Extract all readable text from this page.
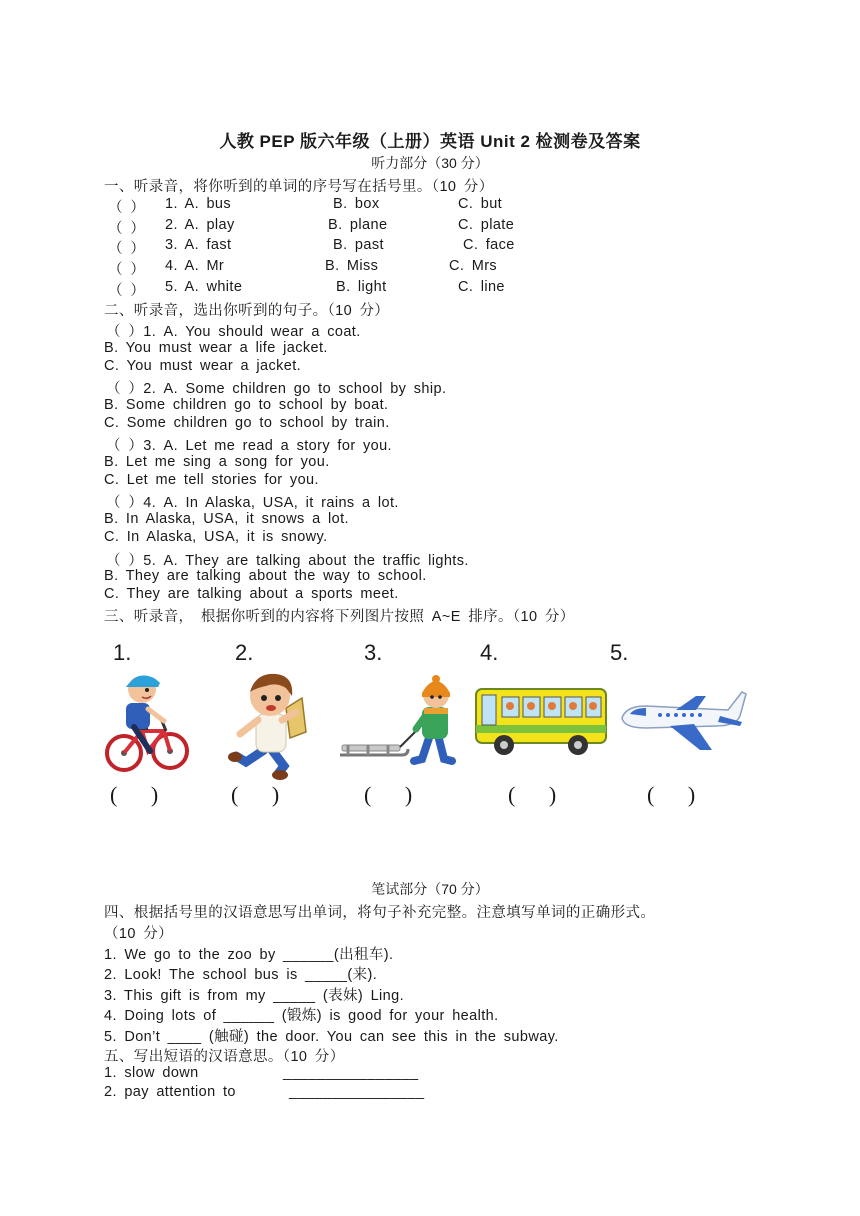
人教 PEP 版六年级（上册）英语 Unit 2 检测卷及答案
听力部分（30 分）
一、听录音，将你听到的单词的序号写在括号里。（10 分）
（ ） 1. A. bus	B. box	C. but
（ ） 2. A. play	B. plane	C. plate
（ ） 3. A. fast	B. past	C. face
（ ） 4. A. Mr	B. Miss	C. Mrs
（ ） 5. A. white	B. light	C. line
二、听录音，选出你听到的句子。（10 分）
（ ）1. A. You should wear a coat.
B. You must wear a life jacket.
C. You must wear a jacket.
（ ）2. A. Some children go to school by ship.
B. Some children go to school by boat.
C. Some children go to school by train.
（ ）3. A. Let me read a story for you.
B. Let me sing a song for you.
C. Let me tell stories for you.
（ ）4. A. In Alaska, USA, it rains a lot.
B. In Alaska, USA, it snows a lot.
C. In Alaska, USA, it is snowy.
（ ）5. A. They are talking about the traffic lights.
B. They are talking about the way to school.
C. They are talking about a sports meet.
三、听录音， 根据你听到的内容将下列图片按照 A~E 排序。（10 分）
1.	2.	3.	4.	5.
( )	( )	( )	( )	( )
笔试部分（70 分）
四、根据括号里的汉语意思写出单词，将句子补充完整。注意填写单词的正确形式。
（10 分）
1. We go to the zoo by ______(出租车).
2. Look! The school bus is _____(来).
3. This gift is from my _____ (表妹) Ling.
4. Doing lots of ______ (锻炼) is good for your health.
5. Don’t ____ (触碰) the door. You can see this in the subway.
五、写出短语的汉语意思。（10 分）
1. slow down	________________
2. pay attention to	________________
